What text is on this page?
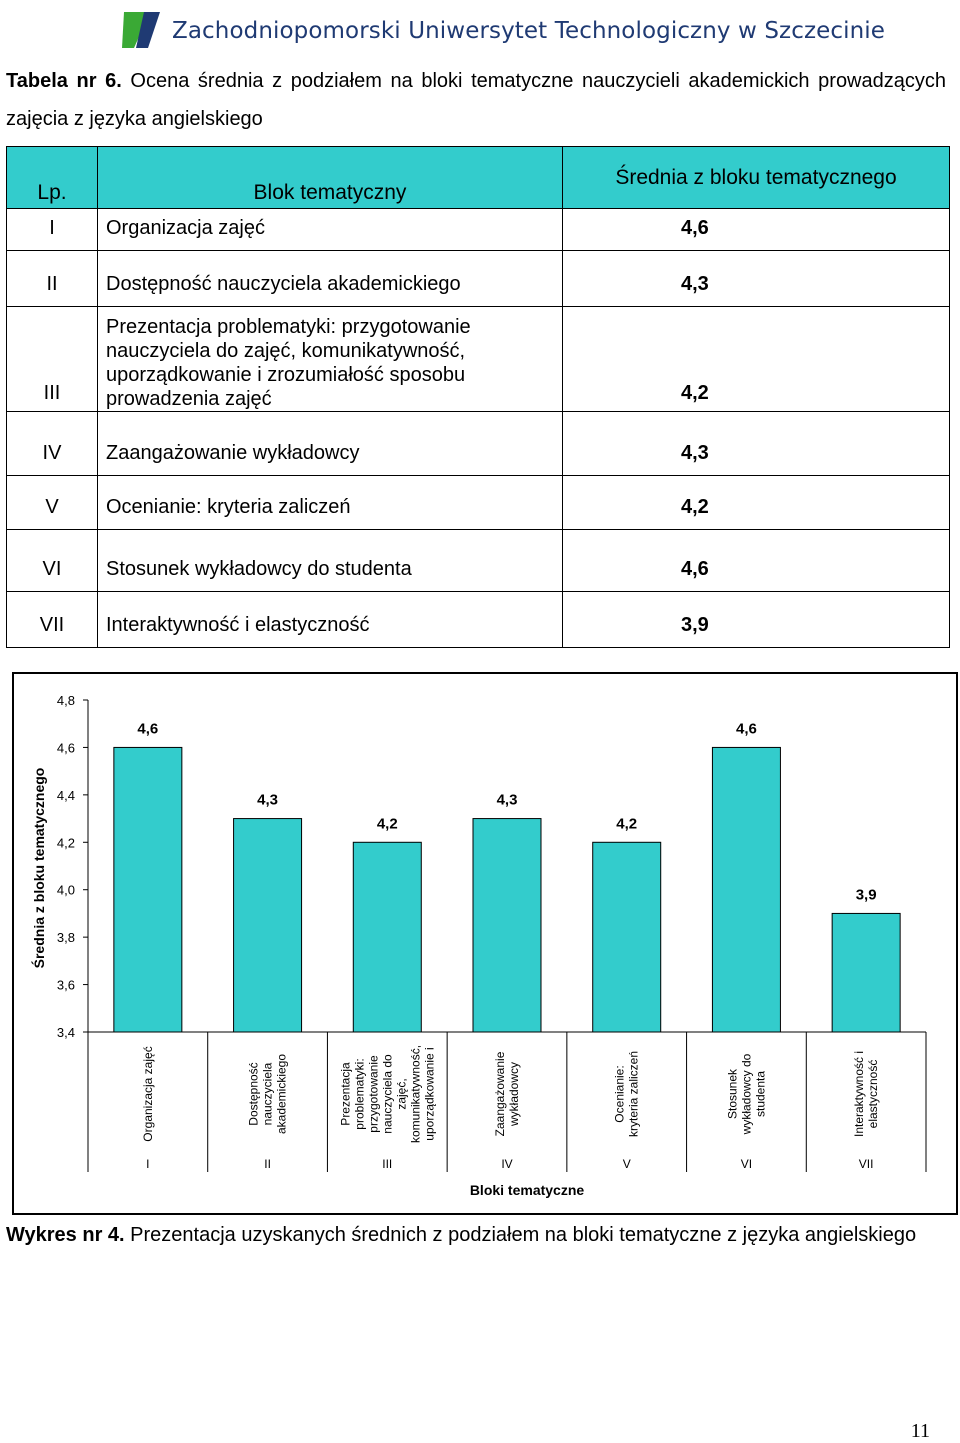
Zachodniopomorski Uniwersytet Technologiczny w Szczecinie
Tabela nr 6. Ocena średnia z podziałem na bloki tematyczne nauczycieli akademickich prowadzących zajęcia z języka angielskiego
Lp.	Blok tematyczny	Średnia z bloku tematycznego
I	Organizacja zajęć	4,6
II	Dostępność nauczyciela akademickiego	4,3
III	Prezentacja problematyki: przygotowanie nauczyciela do zajęć, komunikatywność, uporządkowanie i zrozumiałość sposobu prowadzenia zajęć	4,2
IV	Zaangażowanie wykładowcy	4,3
V	Ocenianie: kryteria zaliczeń	4,2
VI	Stosunek wykładowcy do studenta	4,6
VII	Interaktywność i elastyczność	3,9
3,4
3,6
3,8
4,0
4,2
4,4
4,6
4,8
Średnia z bloku tematycznego
4,6
Organizacja zajęć
I
4,3
Dostępnośćnauczycielaakademickiego
II
4,2
Prezentacjaproblematyki:przygotowanienauczyciela dozajęć,komunikatywność,uporządkowanie i
III
4,3
Zaangażowaniewykładowcy
IV
4,2
Ocenianie:kryteria zaliczeń
V
4,6
Stosunekwykładowcy dostudenta
VI
3,9
Interaktywność ielastyczność
VII
Bloki tematyczne
Wykres nr 4. Prezentacja uzyskanych średnich z podziałem na bloki tematyczne z języka angielskiego
11
